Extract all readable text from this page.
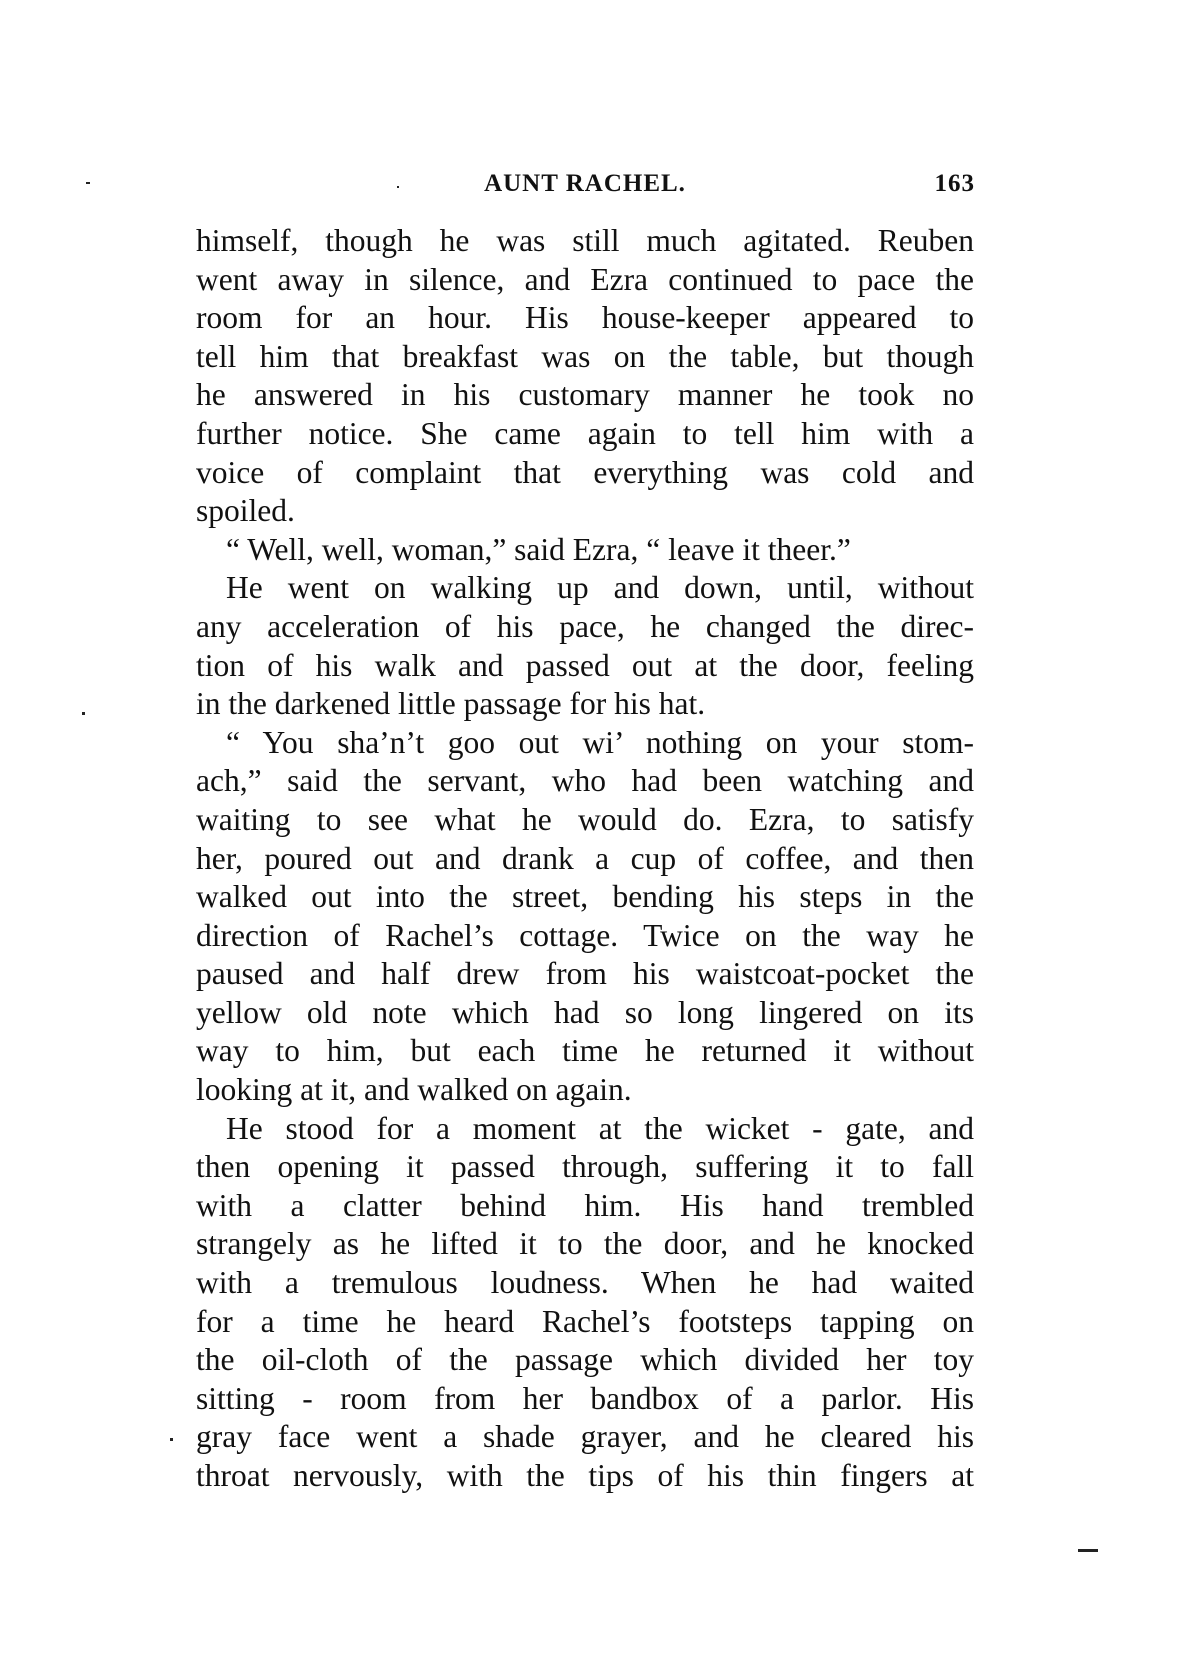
AUNT RACHEL.	163
himself, though he was still much agitated. Reuben
went away in silence, and Ezra continued to pace the
room for an hour. His house-keeper appeared to
tell him that breakfast was on the table, but though
he answered in his customary manner he took no
further notice. She came again to tell him with a
voice of complaint that everything was cold and
spoiled.
“ Well, well, woman,” said Ezra, “ leave it theer.”
He went on walking up and down, until, without
any acceleration of his pace, he changed the direc-
tion of his walk and passed out at the door, feeling
in the darkened little passage for his hat.
“ You sha’n’t goo out wi’ nothing on your stom-
ach,” said the servant, who had been watching and
waiting to see what he would do. Ezra, to satisfy
her, poured out and drank a cup of coffee, and then
walked out into the street, bending his steps in the
direction of Rachel’s cottage. Twice on the way he
paused and half drew from his waistcoat-pocket the
yellow old note which had so long lingered on its
way to him, but each time he returned it without
looking at it, and walked on again.
He stood for a moment at the wicket - gate, and
then opening it passed through, suffering it to fall
with a clatter behind him. His hand trembled
strangely as he lifted it to the door, and he knocked
with a tremulous loudness. When he had waited
for a time he heard Rachel’s footsteps tapping on
the oil-cloth of the passage which divided her toy
sitting - room from her bandbox of a parlor. His
gray face went a shade grayer, and he cleared his
throat nervously, with the tips of his thin fingers at
